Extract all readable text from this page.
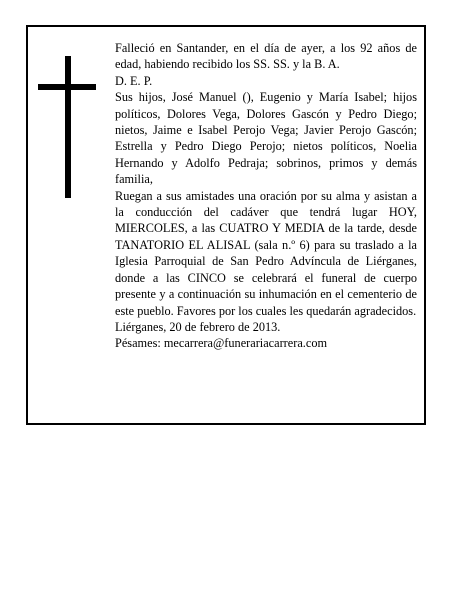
Falleció en Santander, en el día de ayer, a los 92 años de edad, habiendo recibido los SS. SS. y la B. A.

D. E. P.

Sus hijos, José Manuel (), Eugenio y María Isabel; hijos políticos, Dolores Vega, Dolores Gascón y Pedro Diego; nietos, Jaime e Isabel Perojo Vega; Javier Perojo Gascón; Estrella y Pedro Diego Perojo; nietos políticos, Noelia Hernando y Adolfo Pedraja; sobrinos, primos y demás familia,

Ruegan a sus amistades una oración por su alma y asistan a la conducción del cadáver que tendrá lugar HOY, MIERCOLES, a las CUATRO Y MEDIA de la tarde, desde TANATORIO EL ALISAL (sala n.º 6) para su traslado a la Iglesia Parroquial de San Pedro Advíncula de Liérganes, donde a las CINCO se celebrará el funeral de cuerpo presente y a continuación su inhumación en el cementerio de este pueblo. Favores por los cuales les quedarán agradecidos.

Liérganes, 20 de febrero de 2013.

Pésames: mecarrera@funerariacarrera.com
